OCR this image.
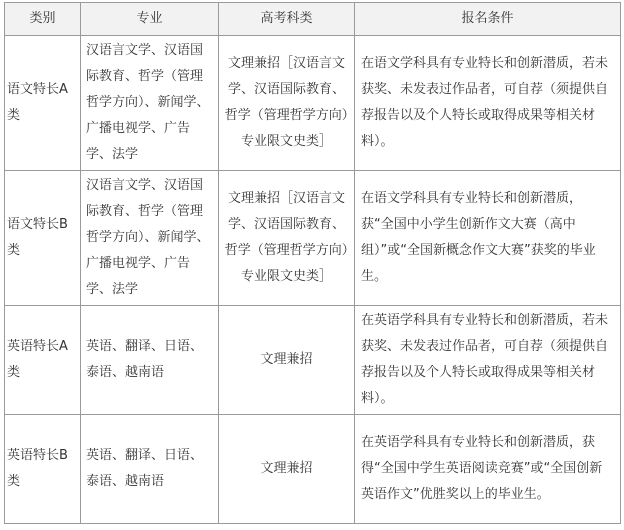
类别	专业	高考科类	报名条件
语文特长A类	汉语言文学、汉语国际教育、哲学（管理哲学方向）、新闻学、广播电视学、广告学、法学	文理兼招［汉语言文学、汉语国际教育、哲学（管理哲学方向）专业限文史类］	在语文学科具有专业特长和创新潜质，若未获奖、未发表过作品者，可自荐（须提供自荐报告以及个人特长或取得成果等相关材料）。
语文特长B类	汉语言文学、汉语国际教育、哲学（管理哲学方向）、新闻学、广播电视学、广告学、法学	文理兼招［汉语言文学、汉语国际教育、哲学（管理哲学方向）专业限文史类］	在语文学科具有专业特长和创新潜质，获“全国中小学生创新作文大赛（高中组）”或“全国新概念作文大赛”获奖的毕业生。
英语特长A类	英语、翻译、日语、泰语、越南语	文理兼招	在英语学科具有专业特长和创新潜质，若未获奖、未发表过作品者，可自荐（须提供自荐报告以及个人特长或取得成果等相关材料）。
英语特长B类	英语、翻译、日语、泰语、越南语	文理兼招	在英语学科具有专业特长和创新潜质，获得“全国中学生英语阅读竞赛”或“全国创新英语作文”优胜奖以上的毕业生。
